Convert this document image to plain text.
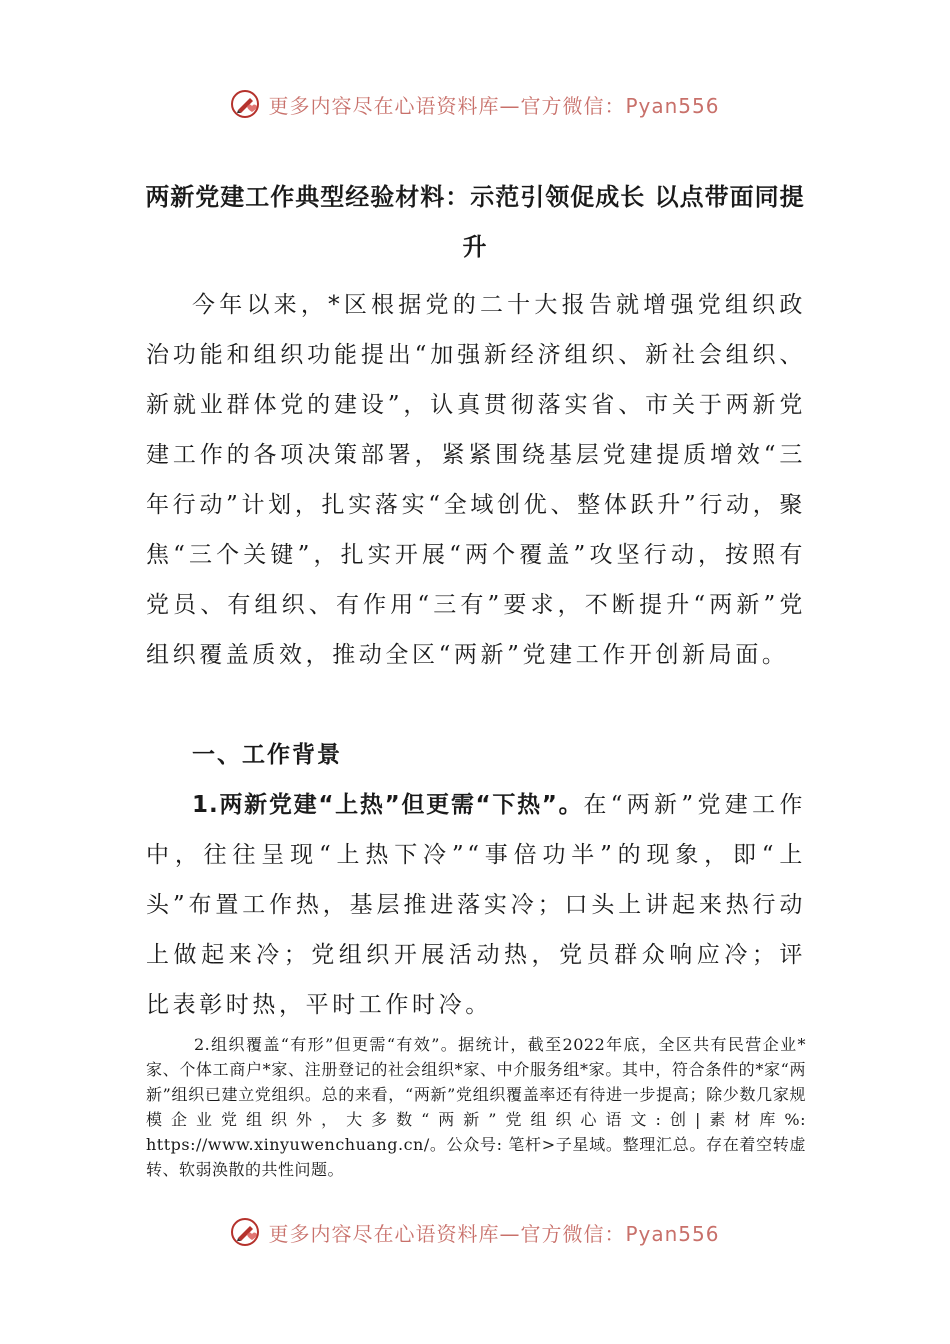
更多内容尽在心语资料库—官方微信：Pyan556
两新党建工作典型经验材料：示范引领促成长 以点带面同提升

今年以来，*区根据党的二十大报告就增强党组织政治功能和组织功能提出“加强新经济组织、新社会组织、新就业群体党的建设”，认真贯彻落实省、市关于两新党建工作的各项决策部署，紧紧围绕基层党建提质增效“三年行动”计划，扎实落实“全域创优、整体跃升”行动，聚焦“三个关键”，扎实开展“两个覆盖”攻坚行动，按照有党员、有组织、有作用“三有”要求，不断提升“两新”党组织覆盖质效，推动全区“两新”党建工作开创新局面。

一、工作背景

1.两新党建“上热”但更需“下热”。在“两新”党建工作中，往往呈现“上热下冷”“事倍功半”的现象，即“上头”布置工作热，基层推进落实冷；口头上讲起来热行动上做起来冷；党组织开展活动热，党员群众响应冷；评比表彰时热，平时工作时冷。

2.组织覆盖“有形”但更需“有效”。据统计，截至2022年底，全区共有民营企业*家、个体工商户*家、注册登记的社会组织*家、中介服务组*家。其中，符合条件的*家“两新”组织已建立党组织。总的来看，“两新”党组织覆盖率还有待进一步提高；除少数几家规模企业党组织外，大多数“两新”党组织心语文:创|素材库%: https://www.xinyuwenchuang.cn/。公众号: 笔杆>子星域。整理汇总。存在着空转虚转、软弱涣散的共性问题。

更多内容尽在心语资料库—官方微信：Pyan556
